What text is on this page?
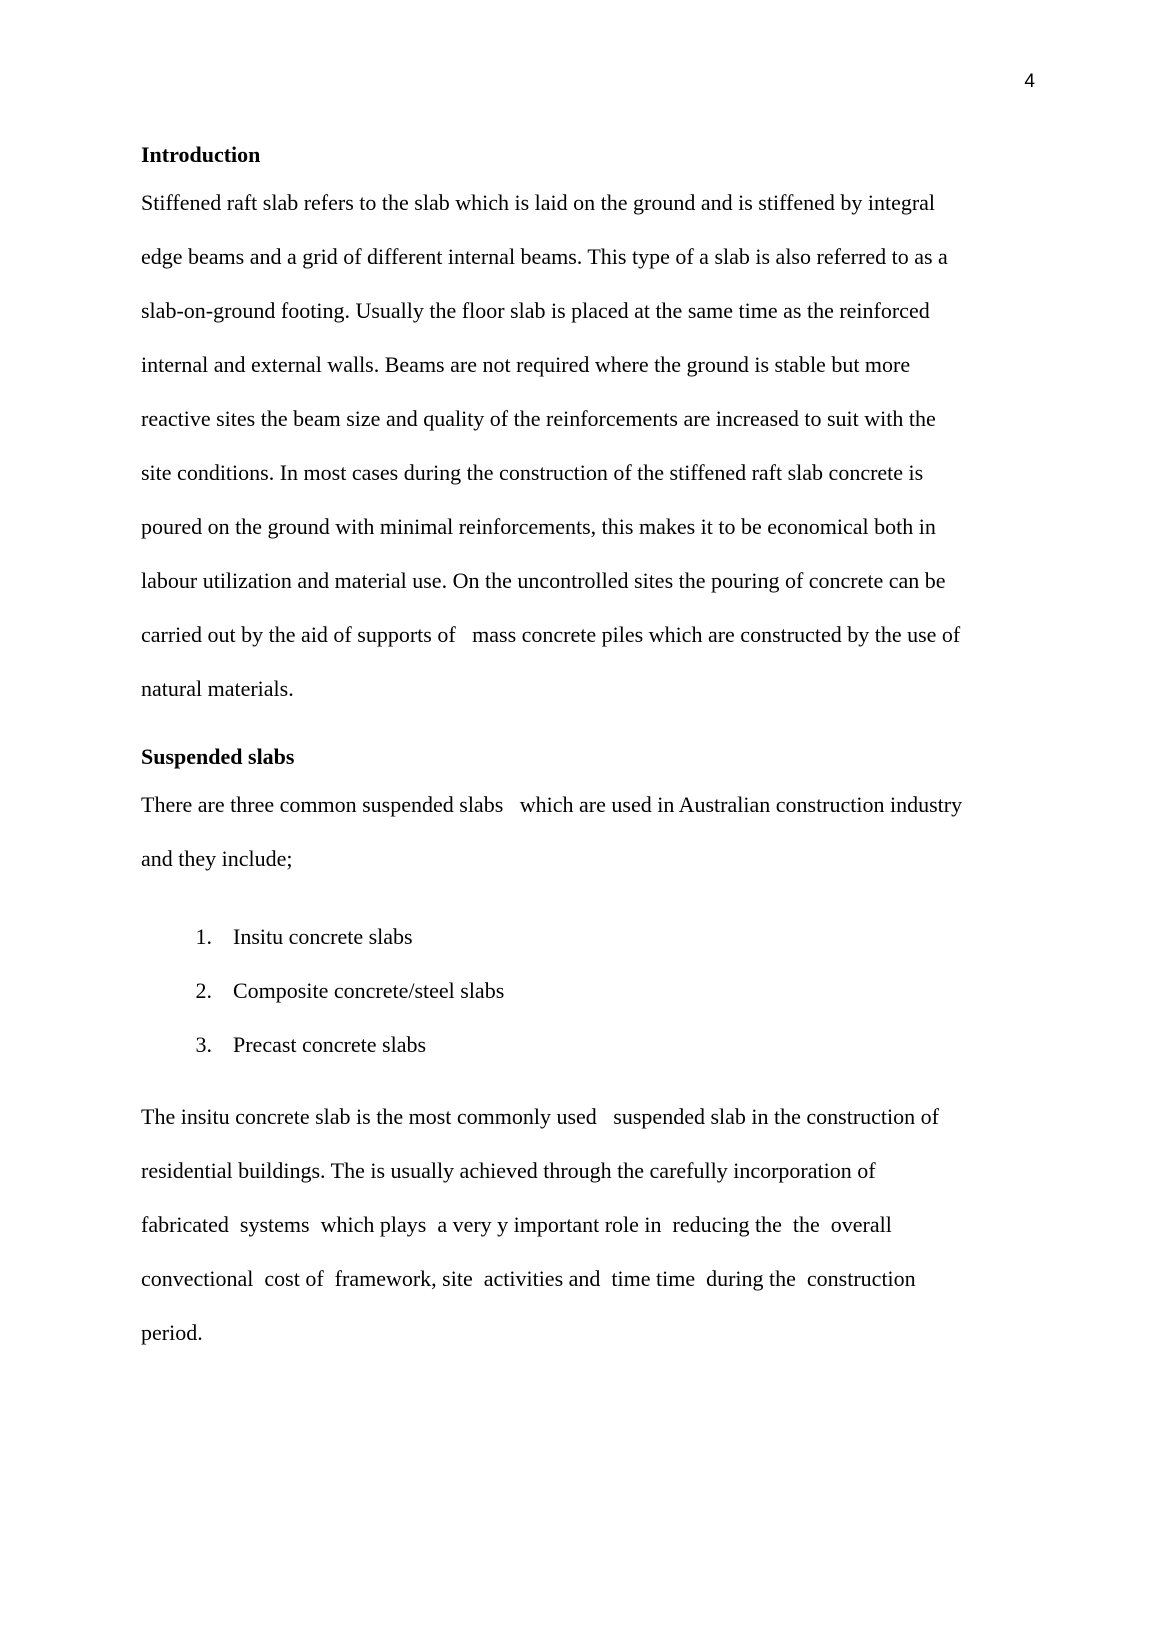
4
Introduction
Stiffened raft slab refers to the slab which is laid on the ground and is stiffened by integral
edge beams and a grid of different internal beams. This type of a slab is also referred to as a
slab-on-ground footing. Usually the floor slab is placed at the same time as the reinforced
internal and external walls. Beams are not required where the ground is stable but more
reactive sites the beam size and quality of the reinforcements are increased to suit with the
site conditions. In most cases during the construction of the stiffened raft slab concrete is
poured on the ground with minimal reinforcements, this makes it to be economical both in
labour utilization and material use. On the uncontrolled sites the pouring of concrete can be
carried out by the aid of supports of   mass concrete piles which are constructed by the use of
natural materials.
Suspended slabs
There are three common suspended slabs   which are used in Australian construction industry
and they include;
1. Insitu concrete slabs
2. Composite concrete/steel slabs
3. Precast concrete slabs
The insitu concrete slab is the most commonly used   suspended slab in the construction of
residential buildings. The is usually achieved through the carefully incorporation of
fabricated  systems  which plays  a very y important role in  reducing the  the  overall
convectional  cost of  framework, site  activities and  time time  during the  construction
period.
